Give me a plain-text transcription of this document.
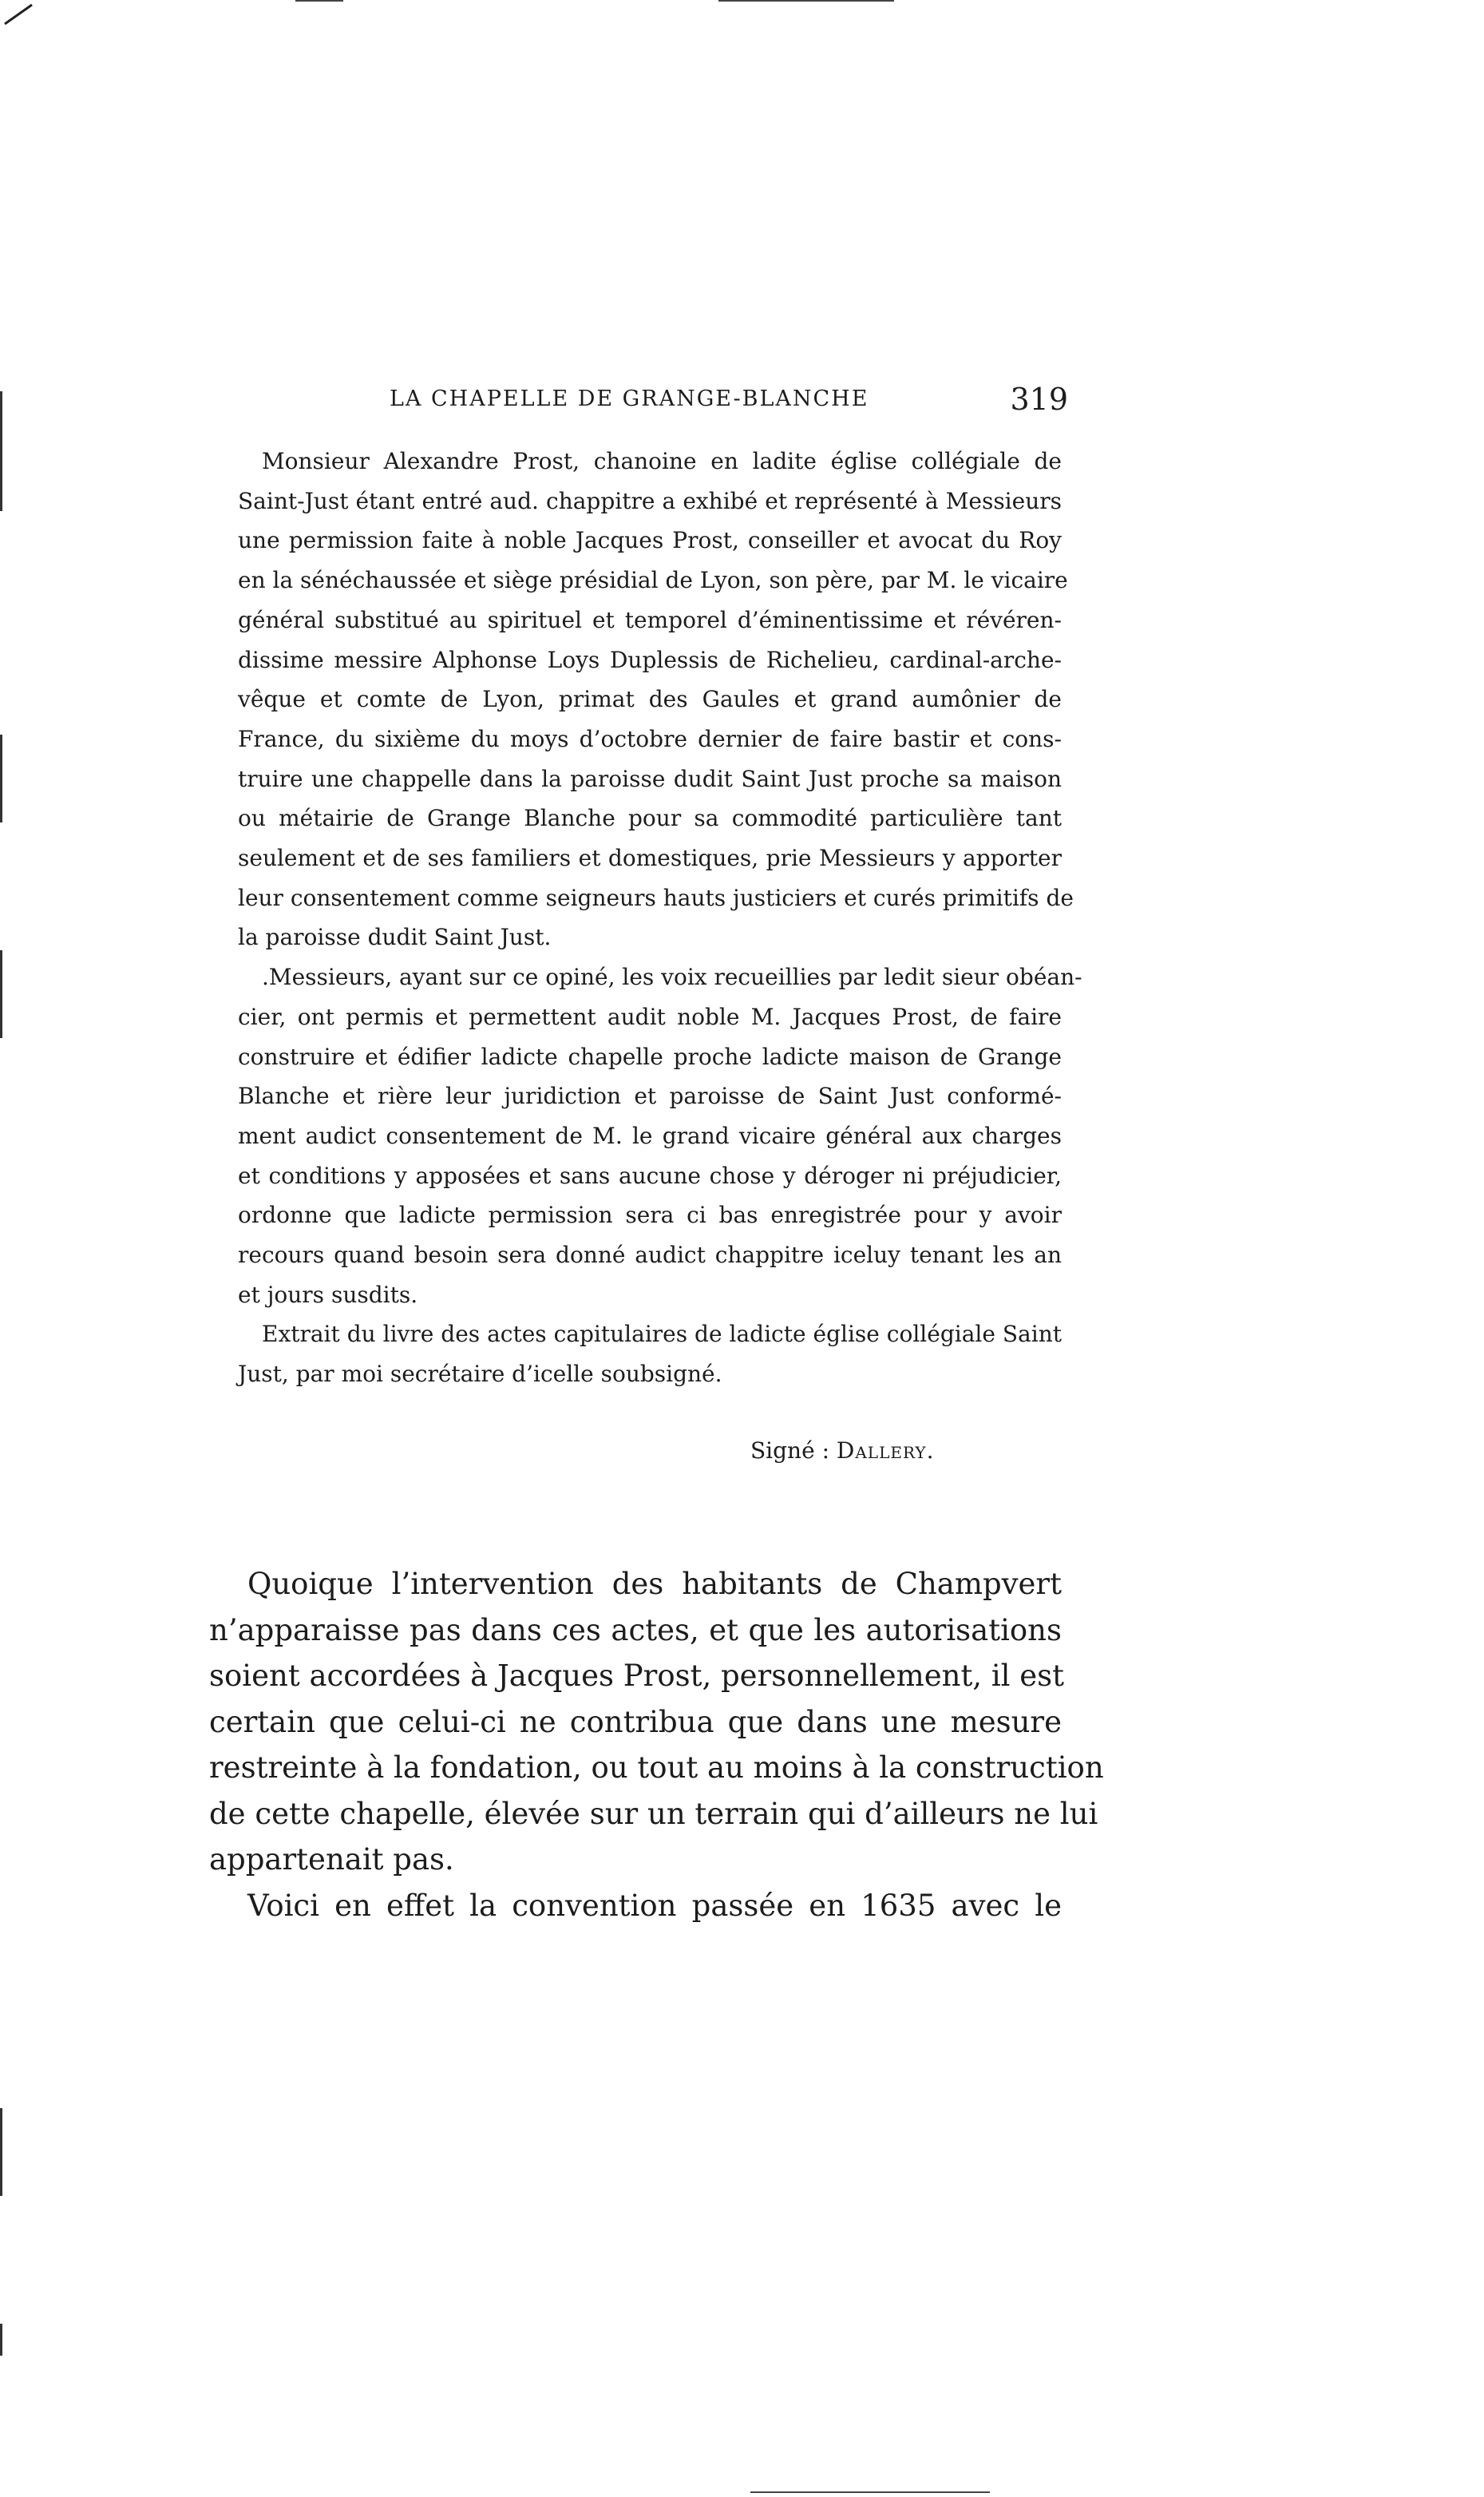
LA CHAPELLE DE GRANGE-BLANCHE	319
Monsieur Alexandre Prost, chanoine en ladite église collégiale de
Saint-Just étant entré aud. chappitre a exhibé et représenté à Messieurs
une permission faite à noble Jacques Prost, conseiller et avocat du Roy
en la sénéchaussée et siège présidial de Lyon, son père, par M. le vicaire
général substitué au spirituel et temporel d’éminentissime et révéren-
dissime messire Alphonse Loys Duplessis de Richelieu, cardinal-arche-
vêque et comte de Lyon, primat des Gaules et grand aumônier de
France, du sixième du moys d’octobre dernier de faire bastir et cons-
truire une chappelle dans la paroisse dudit Saint Just proche sa maison
ou métairie de Grange Blanche pour sa commodité particulière tant
seulement et de ses familiers et domestiques, prie Messieurs y apporter
leur consentement comme seigneurs hauts justiciers et curés primitifs de
la paroisse dudit Saint Just.
.Messieurs, ayant sur ce opiné, les voix recueillies par ledit sieur obéan-
cier, ont permis et permettent audit noble M. Jacques Prost, de faire
construire et édifier ladicte chapelle proche ladicte maison de Grange
Blanche et rière leur juridiction et paroisse de Saint Just conformé-
ment audict consentement de M. le grand vicaire général aux charges
et conditions y apposées et sans aucune chose y déroger ni préjudicier,
ordonne que ladicte permission sera ci bas enregistrée pour y avoir
recours quand besoin sera donné audict chappitre iceluy tenant les an
et jours susdits.
Extrait du livre des actes capitulaires de ladicte église collégiale Saint
Just, par moi secrétaire d’icelle soubsigné.
Signé : Dallery.
Quoique l’intervention des habitants de Champvert
n’apparaisse pas dans ces actes, et que les autorisations
soient accordées à Jacques Prost, personnellement, il est
certain que celui-ci ne contribua que dans une mesure
restreinte à la fondation, ou tout au moins à la construction
de cette chapelle, élevée sur un terrain qui d’ailleurs ne lui
appartenait pas.
Voici en effet la convention passée en 1635 avec le
